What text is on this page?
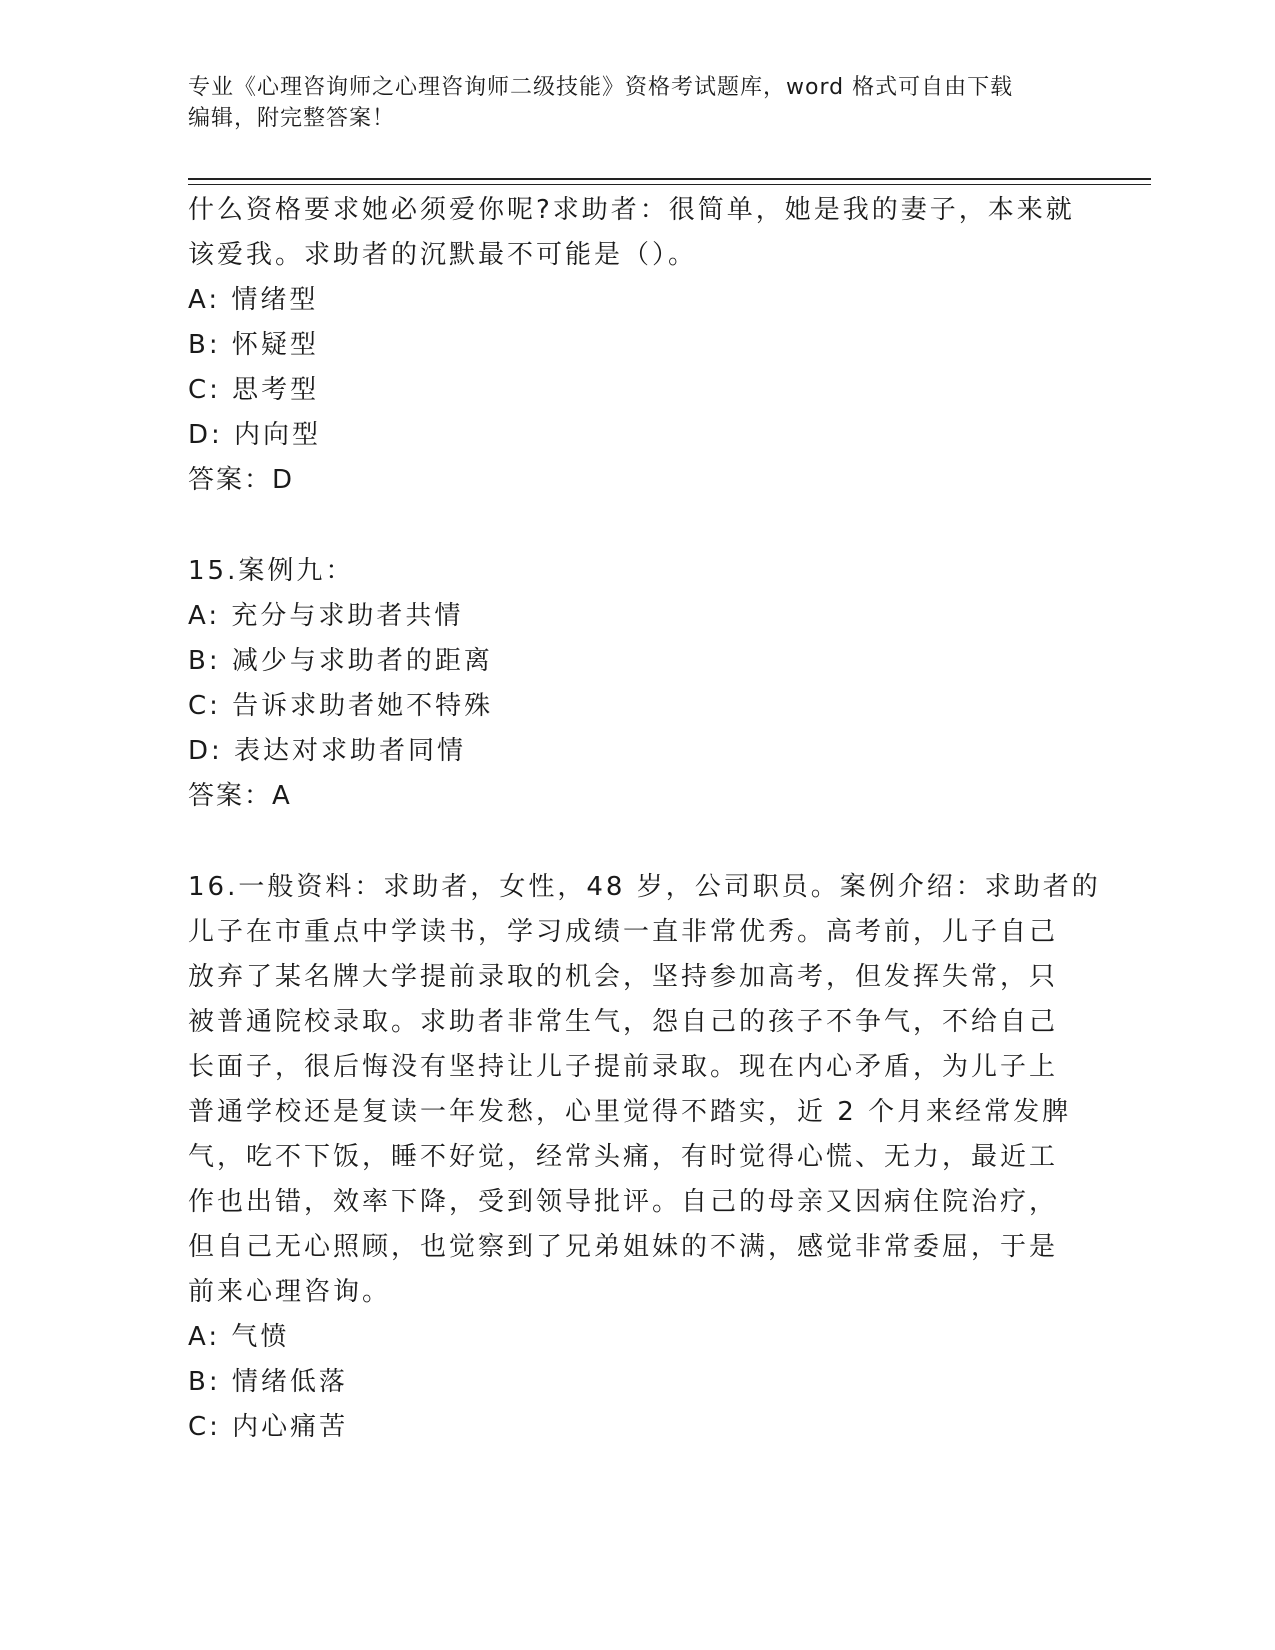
专业《心理咨询师之心理咨询师二级技能》资格考试题库，word 格式可自由下载
编辑，附完整答案！
什么资格要求她必须爱你呢?求助者：很简单，她是我的妻子，本来就
该爱我。求助者的沉默最不可能是（）。
A: 情绪型
B: 怀疑型
C: 思考型
D: 内向型
答案：D
15.案例九：
A: 充分与求助者共情
B: 减少与求助者的距离
C: 告诉求助者她不特殊
D: 表达对求助者同情
答案：A
16.一般资料：求助者，女性，48 岁，公司职员。案例介绍：求助者的
儿子在市重点中学读书，学习成绩一直非常优秀。高考前，儿子自己
放弃了某名牌大学提前录取的机会，坚持参加高考，但发挥失常，只
被普通院校录取。求助者非常生气，怨自己的孩子不争气，不给自己
长面子，很后悔没有坚持让儿子提前录取。现在内心矛盾，为儿子上
普通学校还是复读一年发愁，心里觉得不踏实，近 2 个月来经常发脾
气，吃不下饭，睡不好觉，经常头痛，有时觉得心慌、无力，最近工
作也出错，效率下降，受到领导批评。自己的母亲又因病住院治疗，
但自己无心照顾，也觉察到了兄弟姐妹的不满，感觉非常委屈，于是
前来心理咨询。
A: 气愤
B: 情绪低落
C: 内心痛苦
